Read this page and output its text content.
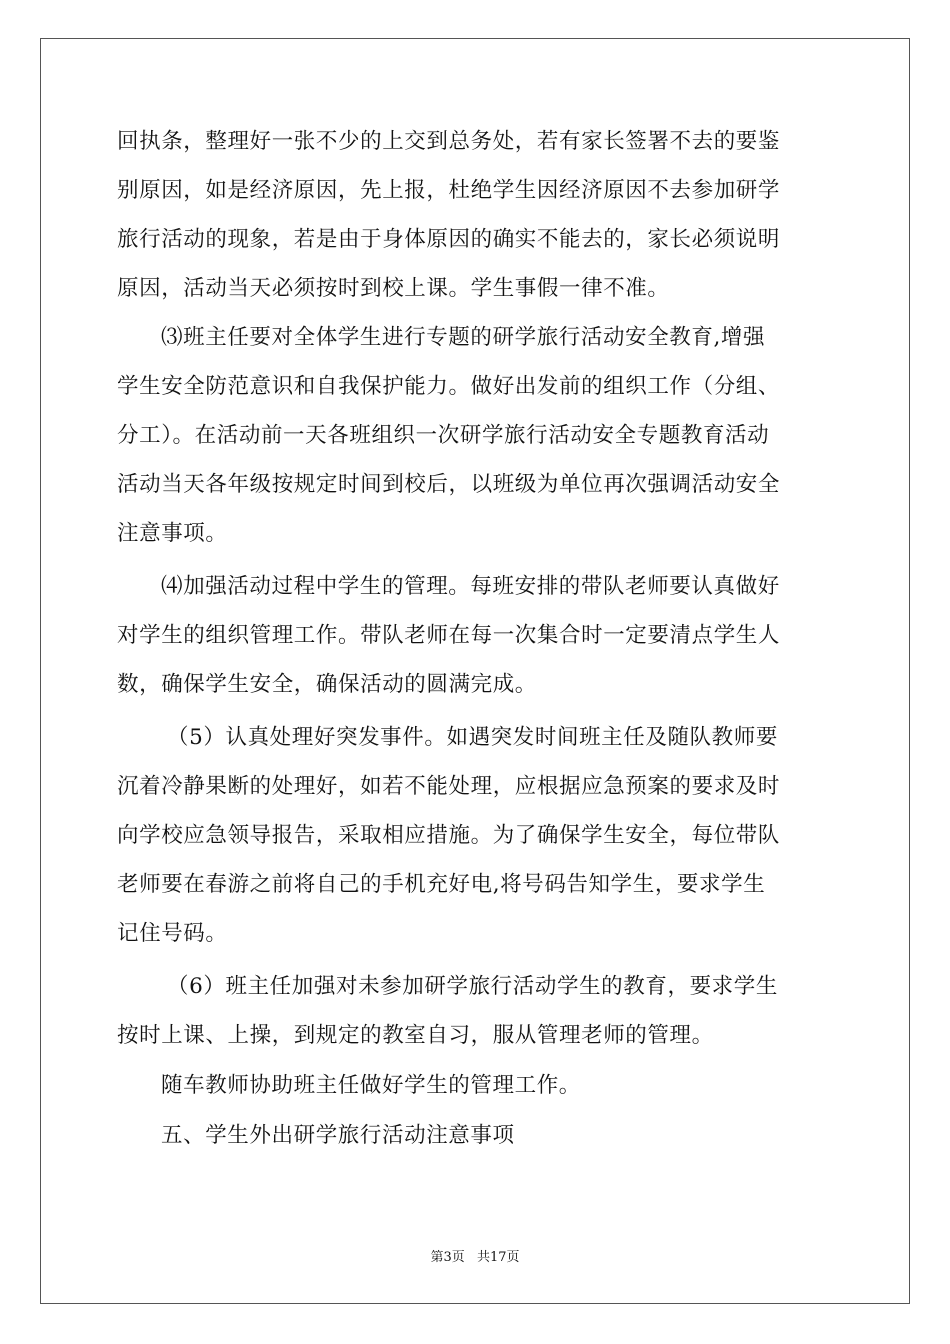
回执条，整理好一张不少的上交到总务处，若有家长签署不去的要鉴
别原因，如是经济原因，先上报，杜绝学生因经济原因不去参加研学
旅行活动的现象，若是由于身体原因的确实不能去的，家长必须说明
原因，活动当天必须按时到校上课。学生事假一律不准。
⑶班主任要对全体学生进行专题的研学旅行活动安全教育,增强
学生安全防范意识和自我保护能力。做好出发前的组织工作（分组、
分工）。在活动前一天各班组织一次研学旅行活动安全专题教育活动
活动当天各年级按规定时间到校后，以班级为单位再次强调活动安全
注意事项。
⑷加强活动过程中学生的管理。每班安排的带队老师要认真做好
对学生的组织管理工作。带队老师在每一次集合时一定要清点学生人
数，确保学生安全，确保活动的圆满完成。
（5）认真处理好突发事件。如遇突发时间班主任及随队教师要
沉着冷静果断的处理好，如若不能处理，应根据应急预案的要求及时
向学校应急领导报告，采取相应措施。为了确保学生安全，每位带队
老师要在春游之前将自己的手机充好电,将号码告知学生，要求学生
记住号码。
（6）班主任加强对未参加研学旅行活动学生的教育，要求学生
按时上课、上操，到规定的教室自习，服从管理老师的管理。
随车教师协助班主任做好学生的管理工作。
五、学生外出研学旅行活动注意事项
第3页 共17页
